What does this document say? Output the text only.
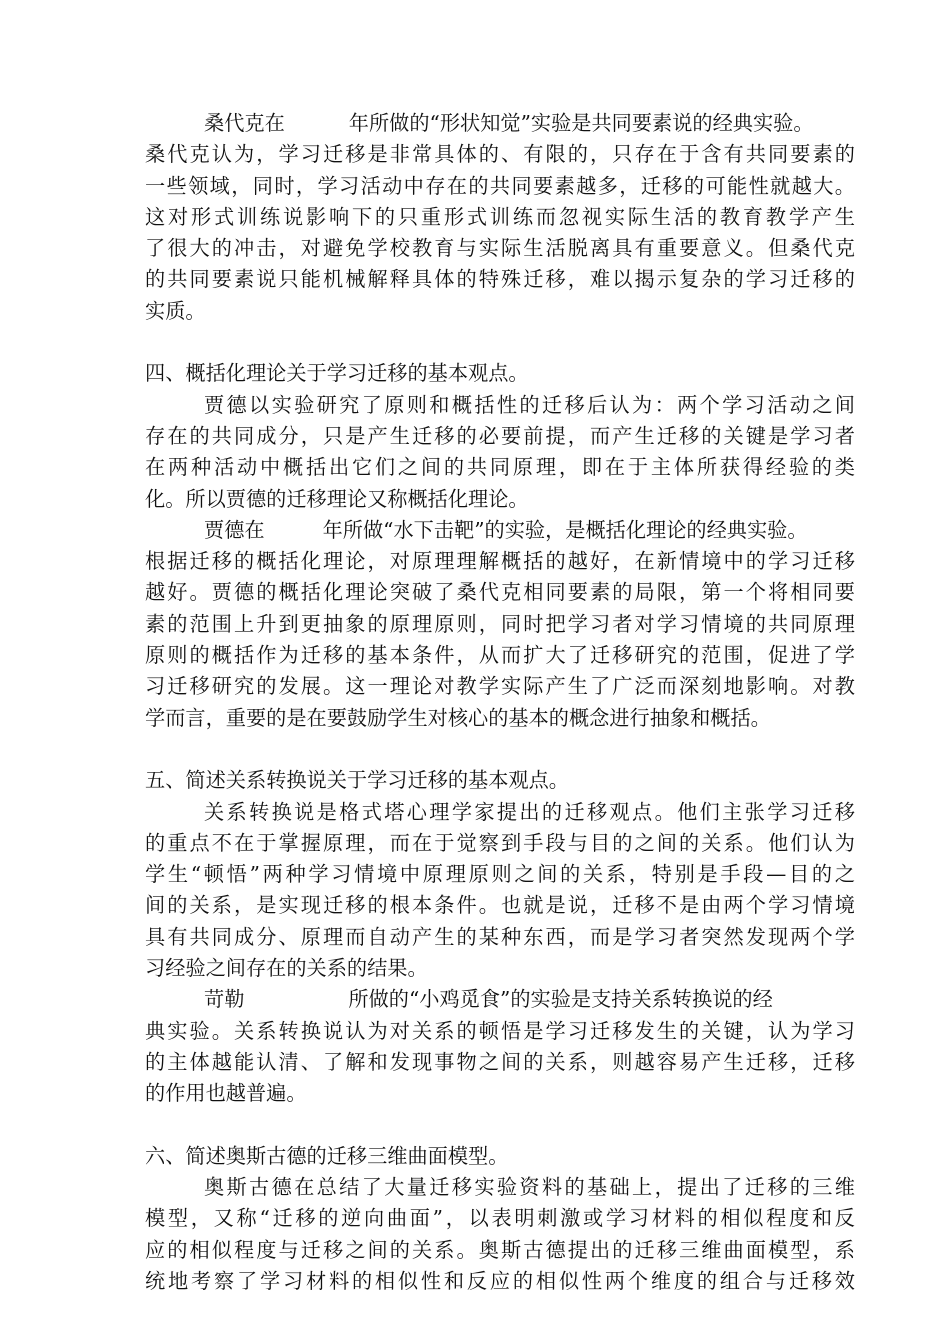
桑代克在	年所做的“形状知觉”实验是共同要素说的经典实验。
桑代克认为，学习迁移是非常具体的、有限的，只存在于含有共同要素的
一些领域，同时，学习活动中存在的共同要素越多，迁移的可能性就越大。
这对形式训练说影响下的只重形式训练而忽视实际生活的教育教学产生
了很大的冲击，对避免学校教育与实际生活脱离具有重要意义。但桑代克
的共同要素说只能机械解释具体的特殊迁移，难以揭示复杂的学习迁移的
实质。
四、概括化理论关于学习迁移的基本观点。
贾德以实验研究了原则和概括性的迁移后认为：两个学习活动之间
存在的共同成分，只是产生迁移的必要前提，而产生迁移的关键是学习者
在两种活动中概括出它们之间的共同原理，即在于主体所获得经验的类
化。所以贾德的迁移理论又称概括化理论。
贾德在	年所做“水下击靶”的实验，是概括化理论的经典实验。
根据迁移的概括化理论，对原理理解概括的越好，在新情境中的学习迁移
越好。贾德的概括化理论突破了桑代克相同要素的局限，第一个将相同要
素的范围上升到更抽象的原理原则，同时把学习者对学习情境的共同原理
原则的概括作为迁移的基本条件，从而扩大了迁移研究的范围，促进了学
习迁移研究的发展。这一理论对教学实际产生了广泛而深刻地影响。对教
学而言，重要的是在要鼓励学生对核心的基本的概念进行抽象和概括。
五、简述关系转换说关于学习迁移的基本观点。
关系转换说是格式塔心理学家提出的迁移观点。他们主张学习迁移
的重点不在于掌握原理，而在于觉察到手段与目的之间的关系。他们认为
学生“顿悟”两种学习情境中原理原则之间的关系，特别是手段—目的之
间的关系，是实现迁移的根本条件。也就是说，迁移不是由两个学习情境
具有共同成分、原理而自动产生的某种东西，而是学习者突然发现两个学
习经验之间存在的关系的结果。
苛勒	所做的“小鸡觅食”的实验是支持关系转换说的经
典实验。关系转换说认为对关系的顿悟是学习迁移发生的关键，认为学习
的主体越能认清、了解和发现事物之间的关系，则越容易产生迁移，迁移
的作用也越普遍。
六、简述奥斯古德的迁移三维曲面模型。
奥斯古德在总结了大量迁移实验资料的基础上，提出了迁移的三维
模型，又称“迁移的逆向曲面”，以表明刺激或学习材料的相似程度和反
应的相似程度与迁移之间的关系。奥斯古德提出的迁移三维曲面模型，系
统地考察了学习材料的相似性和反应的相似性两个维度的组合与迁移效
